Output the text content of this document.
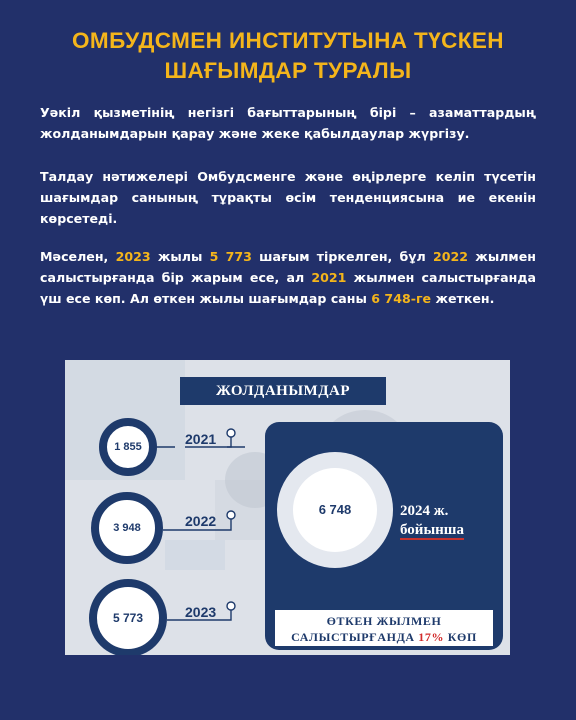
ОМБУДСМЕН ИНСТИТУТЫНА ТҮСКЕН
ШАҒЫМДАР ТУРАЛЫ
Уәкіл қызметінің негізгі бағыттарының бірі – азаматтардың жолданымдарын қарау және жеке қабылдаулар жүргізу.
Талдау нәтижелері Омбудсменге және өңірлерге келіп түсетін шағымдар санының тұрақты өсім тенденциясына ие екенін көрсетеді.
Мәселен, 2023 жылы 5 773 шағым тіркелген, бұл 2022 жылмен салыстырғанда бір жарым есе, ал 2021 жылмен салыстырғанда үш есе көп. Ал өткен жылы шағымдар саны 6 748-ге жеткен.
ЖОЛДАНЫМДАР
1 855	2021
3 948	2022
5 773	2023
6 748	2024 ж.
бойынша
ӨТКЕН ЖЫЛМЕН
САЛЫСТЫРҒАНДА 17% КӨП
